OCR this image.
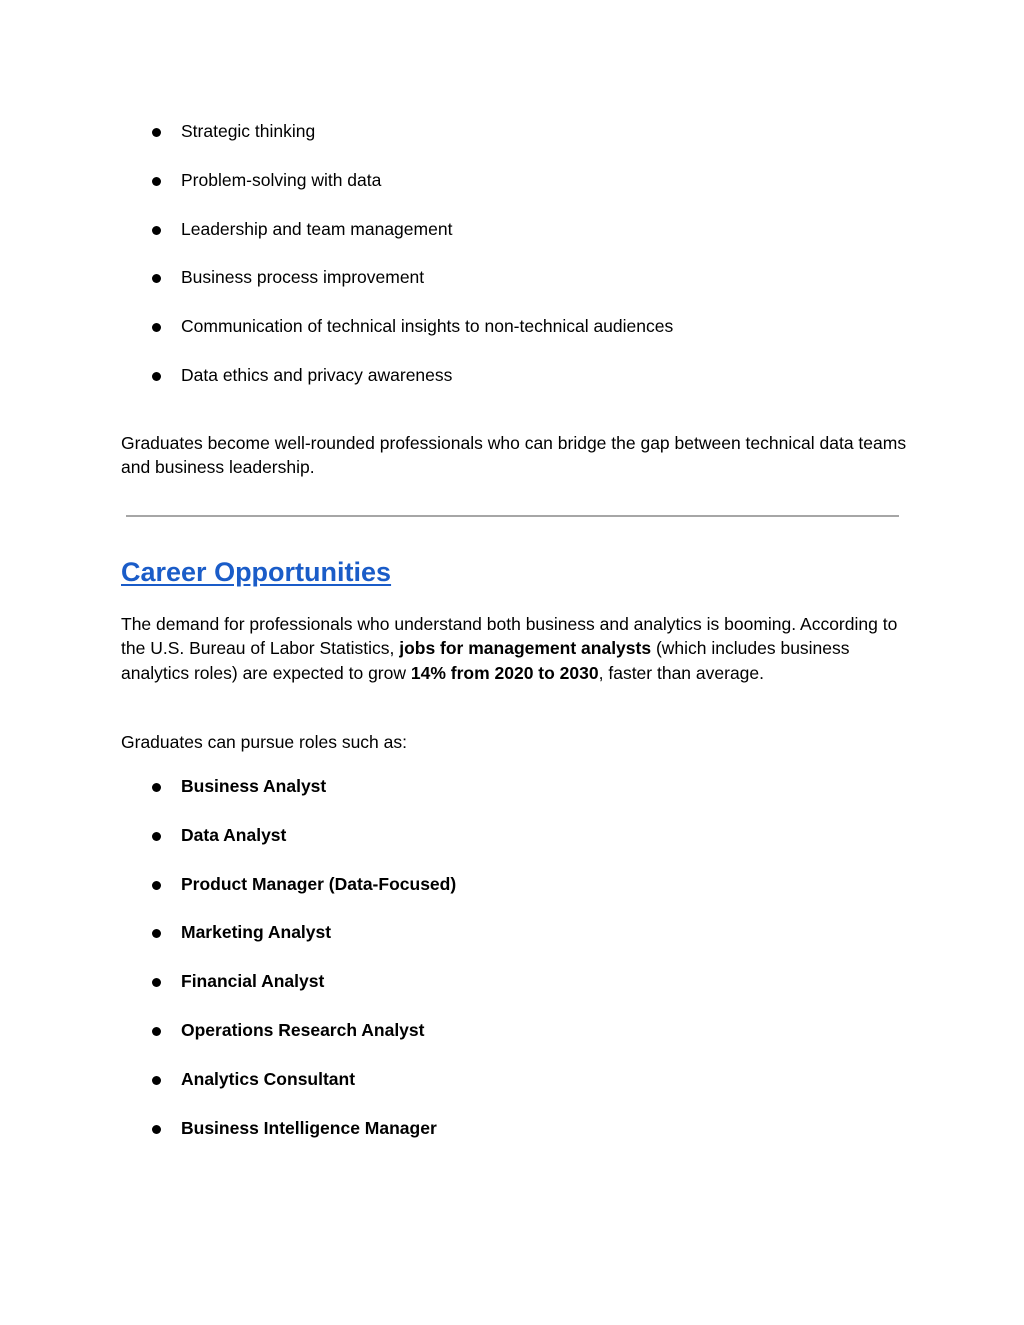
Strategic thinking
Problem-solving with data
Leadership and team management
Business process improvement
Communication of technical insights to non-technical audiences
Data ethics and privacy awareness

Graduates become well-rounded professionals who can bridge the gap between technical data teams and business leadership.

Career Opportunities

The demand for professionals who understand both business and analytics is booming. According to the U.S. Bureau of Labor Statistics, jobs for management analysts (which includes business analytics roles) are expected to grow 14% from 2020 to 2030, faster than average.

Graduates can pursue roles such as:

Business Analyst
Data Analyst
Product Manager (Data-Focused)
Marketing Analyst
Financial Analyst
Operations Research Analyst
Analytics Consultant
Business Intelligence Manager
